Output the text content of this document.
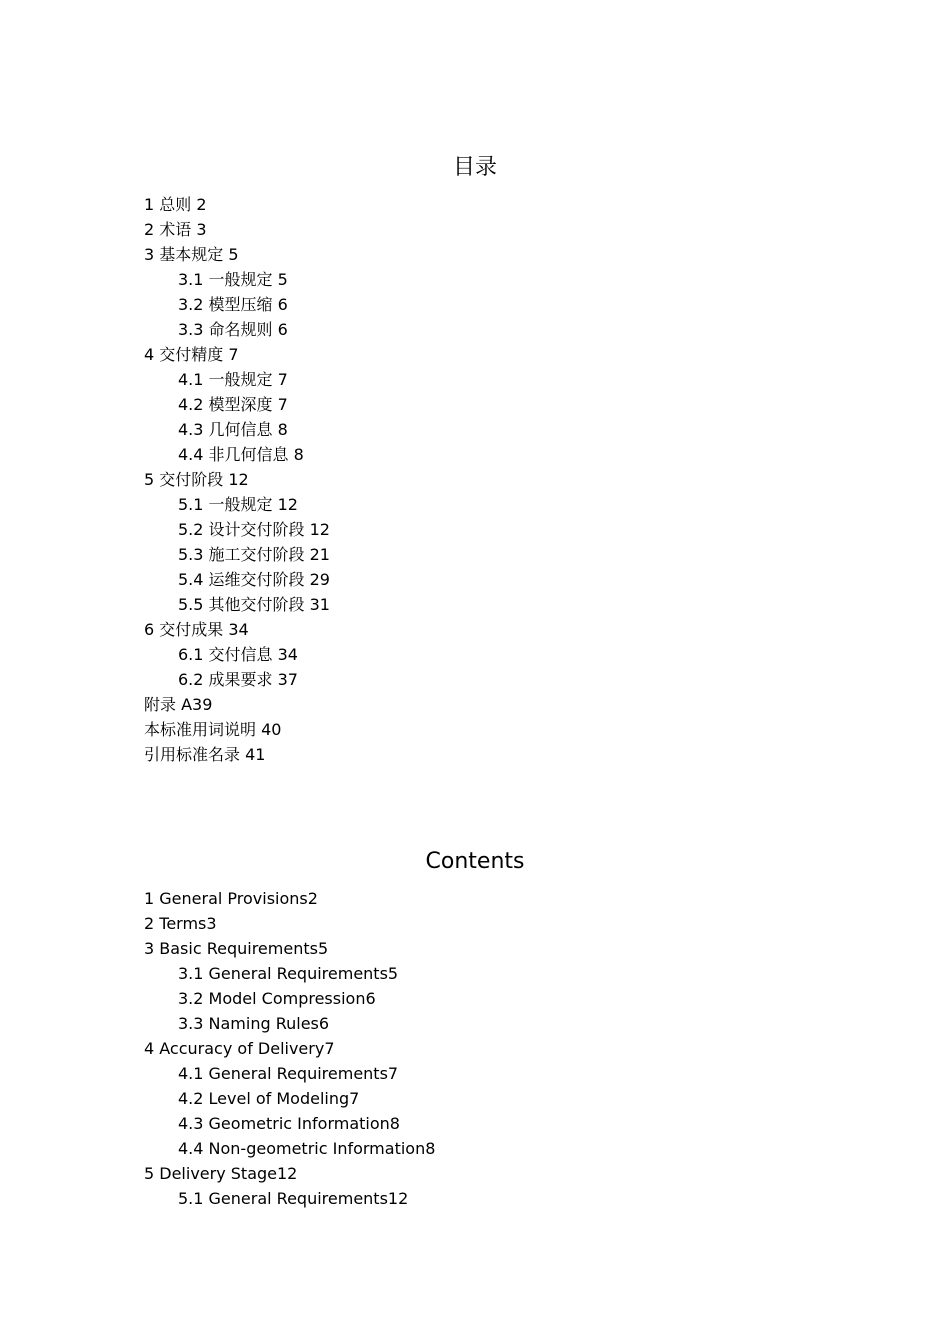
目录
1 总则 2
2 术语 3
3 基本规定 5
3.1 一般规定 5
3.2 模型压缩 6
3.3 命名规则 6
4 交付精度 7
4.1 一般规定 7
4.2 模型深度 7
4.3 几何信息 8
4.4 非几何信息 8
5 交付阶段 12
5.1 一般规定 12
5.2 设计交付阶段 12
5.3 施工交付阶段 21
5.4 运维交付阶段 29
5.5 其他交付阶段 31
6 交付成果 34
6.1 交付信息 34
6.2 成果要求 37
附录 A39
本标准用词说明 40
引用标准名录 41
Contents
1 General Provisions2
2 Terms3
3 Basic Requirements5
3.1 General Requirements5
3.2 Model Compression6
3.3 Naming Rules6
4 Accuracy of Delivery7
4.1 General Requirements7
4.2 Level of Modeling7
4.3 Geometric Information8
4.4 Non-geometric Information8
5 Delivery Stage12
5.1 General Requirements12
